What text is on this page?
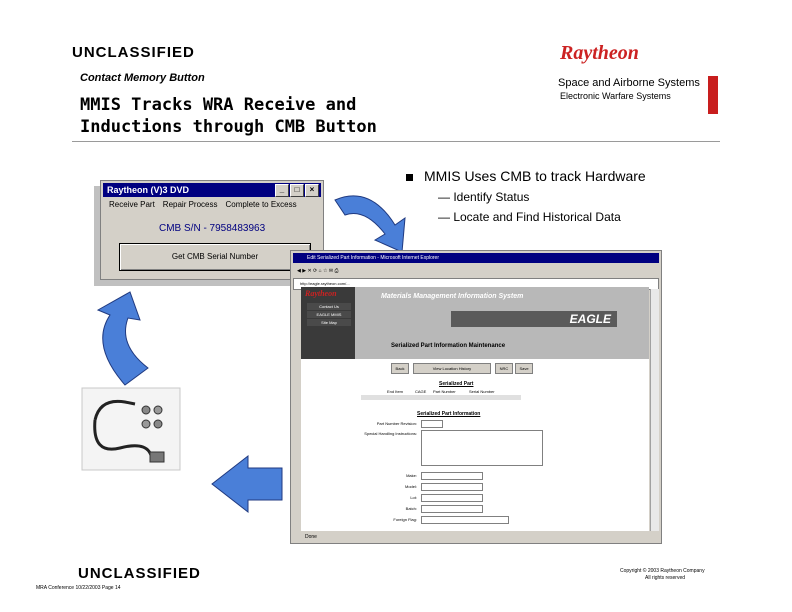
UNCLASSIFIED
Contact Memory Button
MMIS Tracks WRA Receive and
Inductions through CMB Button
Raytheon
Space and Airborne Systems
Electronic Warfare Systems
MMIS Uses CMB to track Hardware
— Identify Status
— Locate and Find Historical Data
Raytheon (V)3 DVD	_	□	×
Receive Part Repair Process Complete to Excess
CMB S/N - 7958483963
Get CMB Serial Number	Edit Serialized Part Information - Microsoft Internet Explorer
◀ ▶ ✕ ⟳ ⌂ ☆ ✉ ⎙
http://eagle.raytheon.com/...
Raytheon
Contact Us
EAGLE MMIS
Site Map
Materials Management Information System
EAGLE
Serialized Part Information Maintenance
Back	View Location History	NRC	Save
Serialized Part
End Item	CAGE Part Number	Serial Number
Serialized Part Information
Part Number Revision:
Special Handling Instructions:
Make:
Model:
Lot:
Batch:
Foreign Flag:
Done
UNCLASSIFIED
MRA Conference 10/22/2003 Page 14
Copyright © 2003 Raytheon Company
All rights reserved
